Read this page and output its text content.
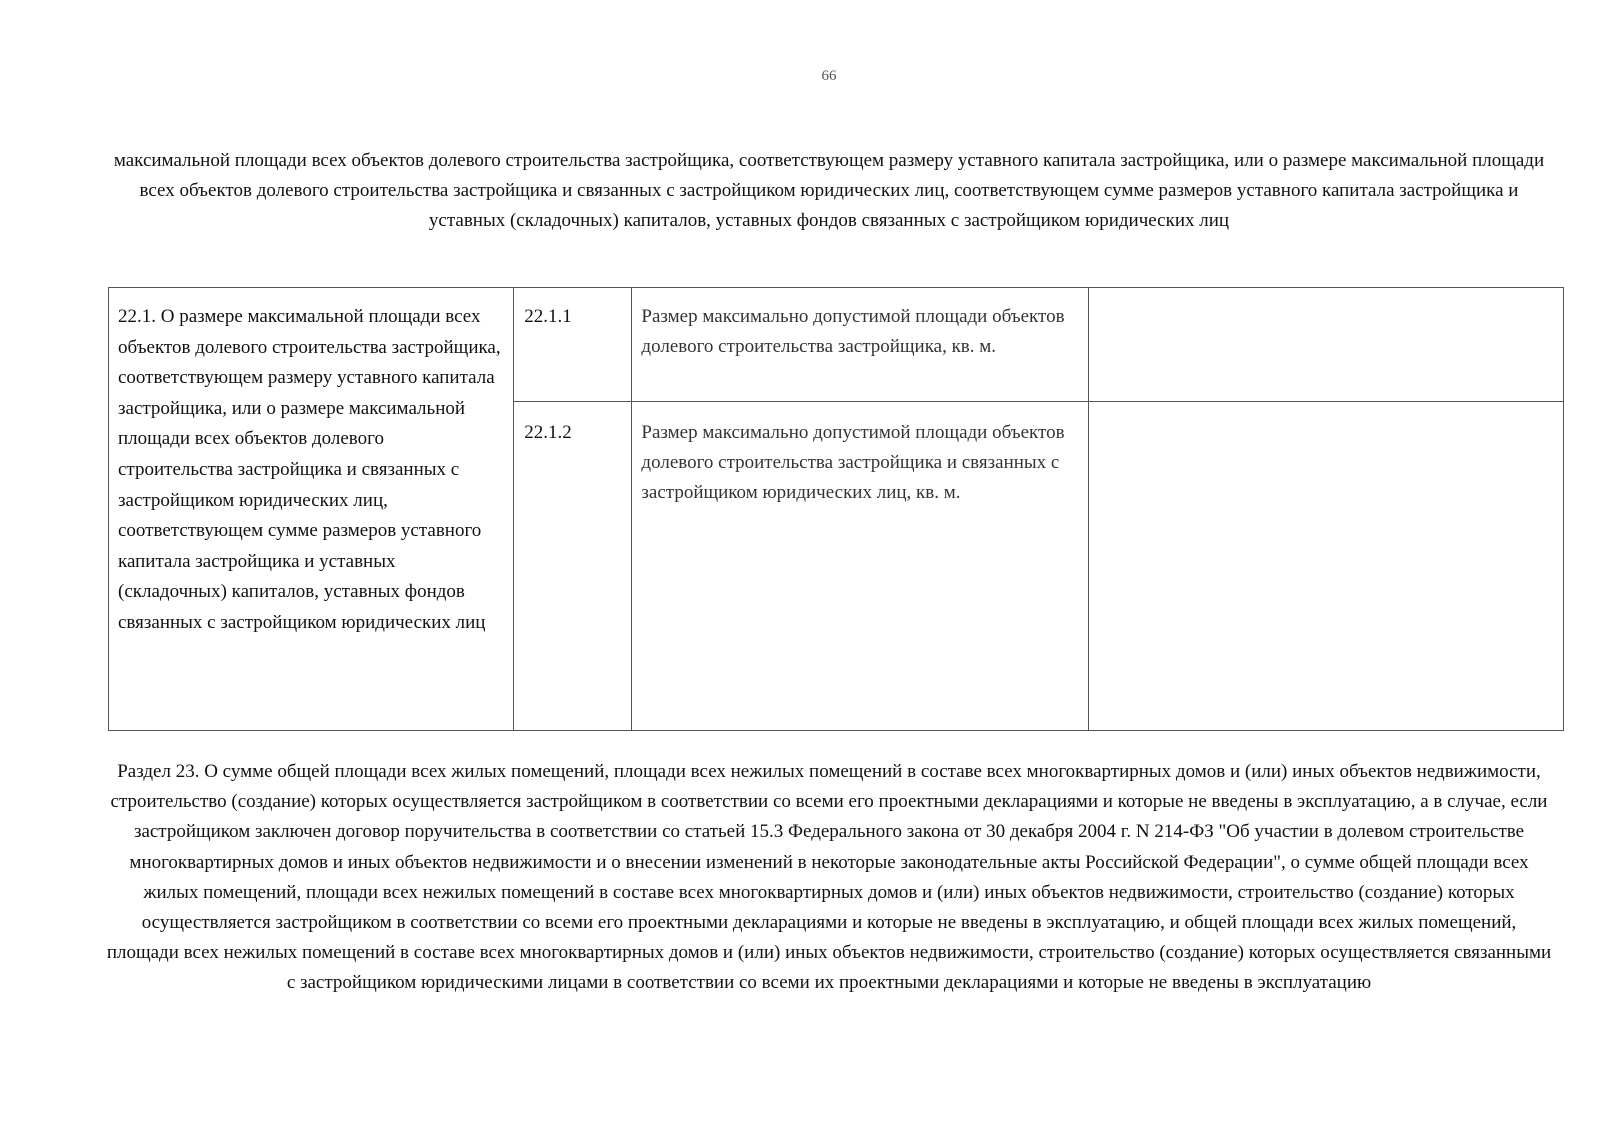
66
максимальной площади всех объектов долевого строительства застройщика, соответствующем размеру уставного капитала застройщика, или о размере максимальной площади всех объектов долевого строительства застройщика и связанных с застройщиком юридических лиц, соответствующем сумме размеров уставного капитала застройщика и уставных (складочных) капиталов, уставных фондов связанных с застройщиком юридических лиц
22.1. О размере максимальной площади всех объектов долевого строительства застройщика, соответствующем размеру уставного капитала застройщика, или о размере максимальной площади всех объектов долевого строительства застройщика и связанных с застройщиком юридических лиц, соответствующем сумме размеров уставного капитала застройщика и уставных (складочных) капиталов, уставных фондов связанных с застройщиком юридических лиц	22.1.1	Размер максимально допустимой площади объектов долевого строительства застройщика, кв. м.	
	22.1.2	Размер максимально допустимой площади объектов долевого строительства застройщика и связанных с застройщиком юридических лиц, кв. м.	
Раздел 23. О сумме общей площади всех жилых помещений, площади всех нежилых помещений в составе всех многоквартирных домов и (или) иных объектов недвижимости, строительство (создание) которых осуществляется застройщиком в соответствии со всеми его проектными декларациями и которые не введены в эксплуатацию, а в случае, если застройщиком заключен договор поручительства в соответствии со статьей 15.3 Федерального закона от 30 декабря 2004 г. N 214-ФЗ "Об участии в долевом строительстве многоквартирных домов и иных объектов недвижимости и о внесении изменений в некоторые законодательные акты Российской Федерации", о сумме общей площади всех жилых помещений, площади всех нежилых помещений в составе всех многоквартирных домов и (или) иных объектов недвижимости, строительство (создание) которых осуществляется застройщиком в соответствии со всеми его проектными декларациями и которые не введены в эксплуатацию, и общей площади всех жилых помещений, площади всех нежилых помещений в составе всех многоквартирных домов и (или) иных объектов недвижимости, строительство (создание) которых осуществляется связанными с застройщиком юридическими лицами в соответствии со всеми их проектными декларациями и которые не введены в эксплуатацию
